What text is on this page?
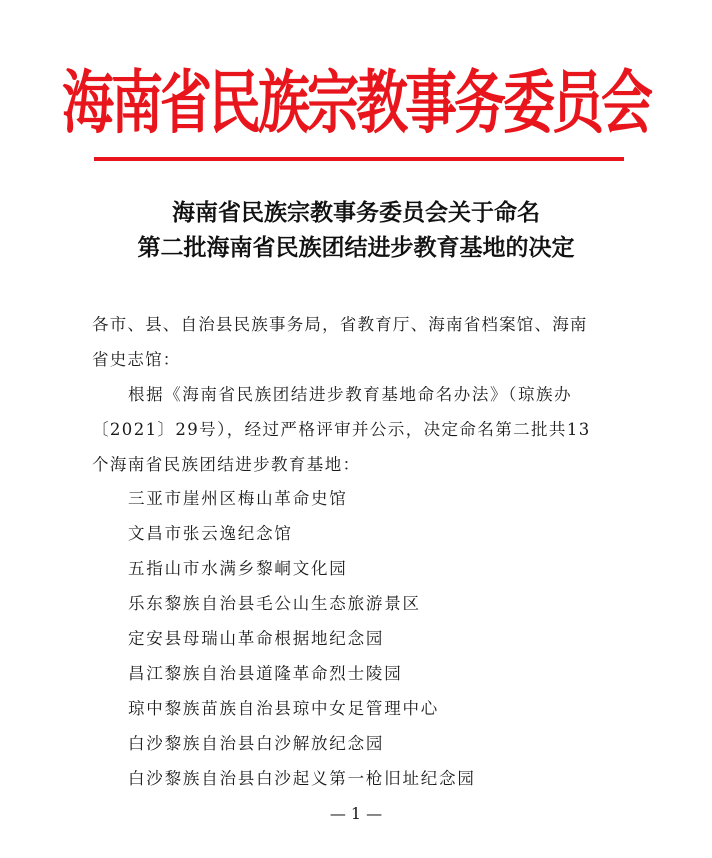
海南省民族宗教事务委员会
海南省民族宗教事务委员会关于命名
第二批海南省民族团结进步教育基地的决定
各市、县、自治县民族事务局，省教育厅、海南省档案馆、海南
省史志馆：
根据《海南省民族团结进步教育基地命名办法》（琼族办
〔2021〕29号），经过严格评审并公示，决定命名第二批共13
个海南省民族团结进步教育基地：
三亚市崖州区梅山革命史馆
文昌市张云逸纪念馆
五指山市水满乡黎峒文化园
乐东黎族自治县毛公山生态旅游景区
定安县母瑞山革命根据地纪念园
昌江黎族自治县道隆革命烈士陵园
琼中黎族苗族自治县琼中女足管理中心
白沙黎族自治县白沙解放纪念园
白沙黎族自治县白沙起义第一枪旧址纪念园
— 1 —
